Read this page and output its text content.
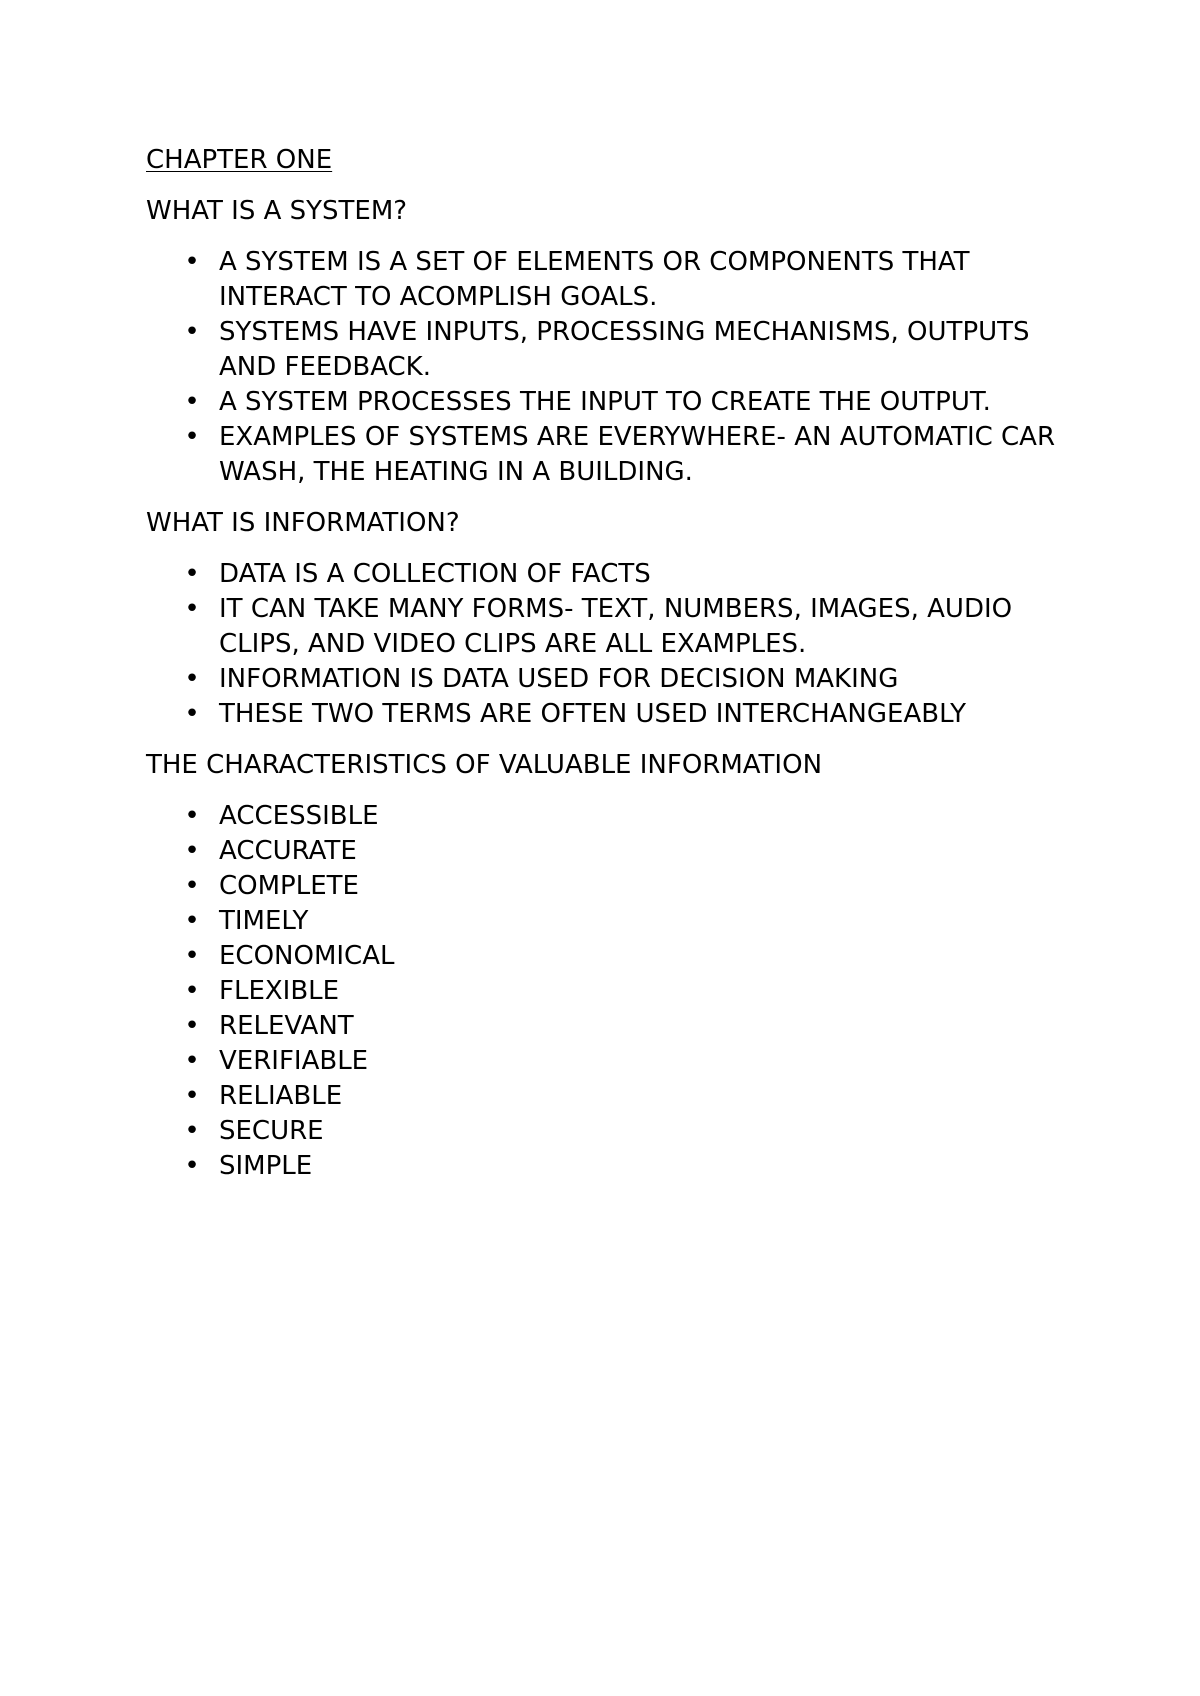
CHAPTER ONE
WHAT IS A SYSTEM?
• A SYSTEM IS A SET OF ELEMENTS OR COMPONENTS THAT INTERACT TO ACOMPLISH GOALS.
• SYSTEMS HAVE INPUTS, PROCESSING MECHANISMS, OUTPUTS AND FEEDBACK.
• A SYSTEM PROCESSES THE INPUT TO CREATE THE OUTPUT.
• EXAMPLES OF SYSTEMS ARE EVERYWHERE- AN AUTOMATIC CAR WASH, THE HEATING IN A BUILDING.
WHAT IS INFORMATION?
• DATA IS A COLLECTION OF FACTS
• IT CAN TAKE MANY FORMS- TEXT, NUMBERS, IMAGES, AUDIO CLIPS, AND VIDEO CLIPS ARE ALL EXAMPLES.
• INFORMATION IS DATA USED FOR DECISION MAKING
• THESE TWO TERMS ARE OFTEN USED INTERCHANGEABLY
THE CHARACTERISTICS OF VALUABLE INFORMATION
• ACCESSIBLE
• ACCURATE
• COMPLETE
• TIMELY
• ECONOMICAL
• FLEXIBLE
• RELEVANT
• VERIFIABLE
• RELIABLE
• SECURE
• SIMPLE
